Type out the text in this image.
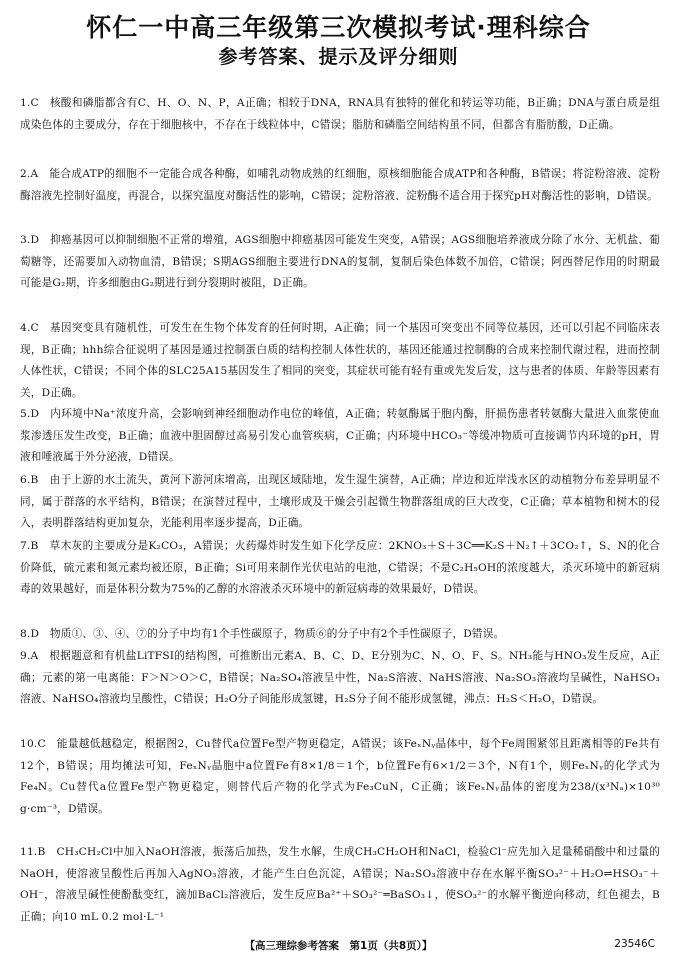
怀仁一中高三年级第三次模拟考试·理科综合
参考答案、提示及评分细则
1.C　核酸和磷脂都含有C、H、O、N、P，A正确；相较于DNA，RNA具有独特的催化和转运等功能，B正确；DNA与蛋白质是组成染色体的主要成分，存在于细胞核中，不存在于线粒体中，C错误；脂肪和磷脂空间结构虽不同，但都含有脂肪酸，D正确。
2.A　能合成ATP的细胞不一定能合成各种酶，如哺乳动物成熟的红细胞，原核细胞能合成ATP和各种酶，B错误；将淀粉溶液、淀粉酶溶液先控制好温度，再混合，以探究温度对酶活性的影响，C错误；淀粉溶液、淀粉酶不适合用于探究pH对酶活性的影响，D错误。
3.D　抑癌基因可以抑制细胞不正常的增殖，AGS细胞中抑癌基因可能发生突变，A错误；AGS细胞培养液成分除了水分、无机盐、葡萄糖等，还需要加入动物血清，B错误；S期AGS细胞主要进行DNA的复制，复制后染色体数不加倍，C错误；阿西替尼作用的时期最可能是G₂期，许多细胞由G₂期进行到分裂期时被阻，D正确。
4.C　基因突变具有随机性，可发生在生物个体发育的任何时期，A正确；同一个基因可突变出不同等位基因，还可以引起不同临床表现，B正确；hhh综合征说明了基因是通过控制蛋白质的结构控制人体性状的，基因还能通过控制酶的合成来控制代谢过程，进而控制人体性状，C错误；不同个体的SLC25A15基因发生了相同的突变，其症状可能有轻有重或先发后发，这与患者的体质、年龄等因素有关，D正确。
5.D　内环境中Na⁺浓度升高，会影响到神经细胞动作电位的峰值，A正确；转氨酶属于胞内酶，肝损伤患者转氨酶大量进入血浆使血浆渗透压发生改变，B正确；血液中胆固醇过高易引发心血管疾病，C正确；内环境中HCO₃⁻等缓冲物质可直接调节内环境的pH，胃液和唾液属于外分泌液，D错误。
6.B　由于上游的水土流失，黄河下游河床增高，出现区域陆地，发生湿生演替，A正确；岸边和近岸浅水区的动植物分布差异明显不同，属于群落的水平结构，B错误；在演替过程中，土壤形成及干燥会引起微生物群落组成的巨大改变，C正确；草本植物和树木的侵入，表明群落结构更加复杂，光能利用率逐步提高，D正确。
7.B　草木灰的主要成分是K₂CO₃，A错误；火药爆炸时发生如下化学反应：2KNO₃＋S＋3C══K₂S＋N₂↑＋3CO₂↑，S、N的化合价降低，硫元素和氮元素均被还原，B正确；Si可用来制作光伏电站的电池，C错误；不是C₂H₅OH的浓度越大，杀灭环境中的新冠病毒的效果越好，而是体积分数为75%的乙醇的水溶液杀灭环境中的新冠病毒的效果最好，D错误。
8.D　物质①、③、④、⑦的分子中均有1个手性碳原子，物质⑥的分子中有2个手性碳原子，D错误。
9.A　根据题意和有机盐LiTFSI的结构图，可推断出元素A、B、C、D、E分别为C、N、O、F、S。NH₃能与HNO₃发生反应，A正确；元素的第一电离能：F＞N＞O＞C，B错误；Na₂SO₄溶液呈中性，Na₂S溶液、NaHS溶液、Na₂SO₃溶液均呈碱性，NaHSO₃溶液、NaHSO₄溶液均呈酸性，C错误；H₂O分子间能形成氢键，H₂S分子间不能形成氢键，沸点：H₂S＜H₂O，D错误。
10.C　能量越低越稳定，根据图2，Cu替代a位置Fe型产物更稳定，A错误；该FeₓNᵧ晶体中，每个Fe周围紧邻且距离相等的Fe共有12个，B错误；用均摊法可知，FeₓNᵧ晶胞中a位置Fe有8×1/8＝1个，b位置Fe有6×1/2＝3个，N有1个，则FeₓNᵧ的化学式为Fe₄N。Cu替代a位置Fe型产物更稳定，则替代后产物的化学式为Fe₃CuN，C正确；该FeₓNᵧ晶体的密度为238/(x³Nₐ)×10³⁰ g·cm⁻³，D错误。
11.B　CH₃CH₂Cl中加入NaOH溶液，振荡后加热，发生水解，生成CH₃CH₂OH和NaCl，检验Cl⁻应先加入足量稀硝酸中和过量的NaOH，使溶液呈酸性后再加入AgNO₃溶液，才能产生白色沉淀，A错误；Na₂SO₃溶液中存在水解平衡SO₃²⁻＋H₂O⇌HSO₃⁻＋OH⁻，溶液呈碱性使酚酞变红，滴加BaCl₂溶液后，发生反应Ba²⁺＋SO₃²⁻═BaSO₃↓，使SO₃²⁻的水解平衡逆向移动，红色褪去，B正确；向10 mL 0.2 mol·L⁻¹
【高三理综参考答案　第1页（共8页）】	23546C
